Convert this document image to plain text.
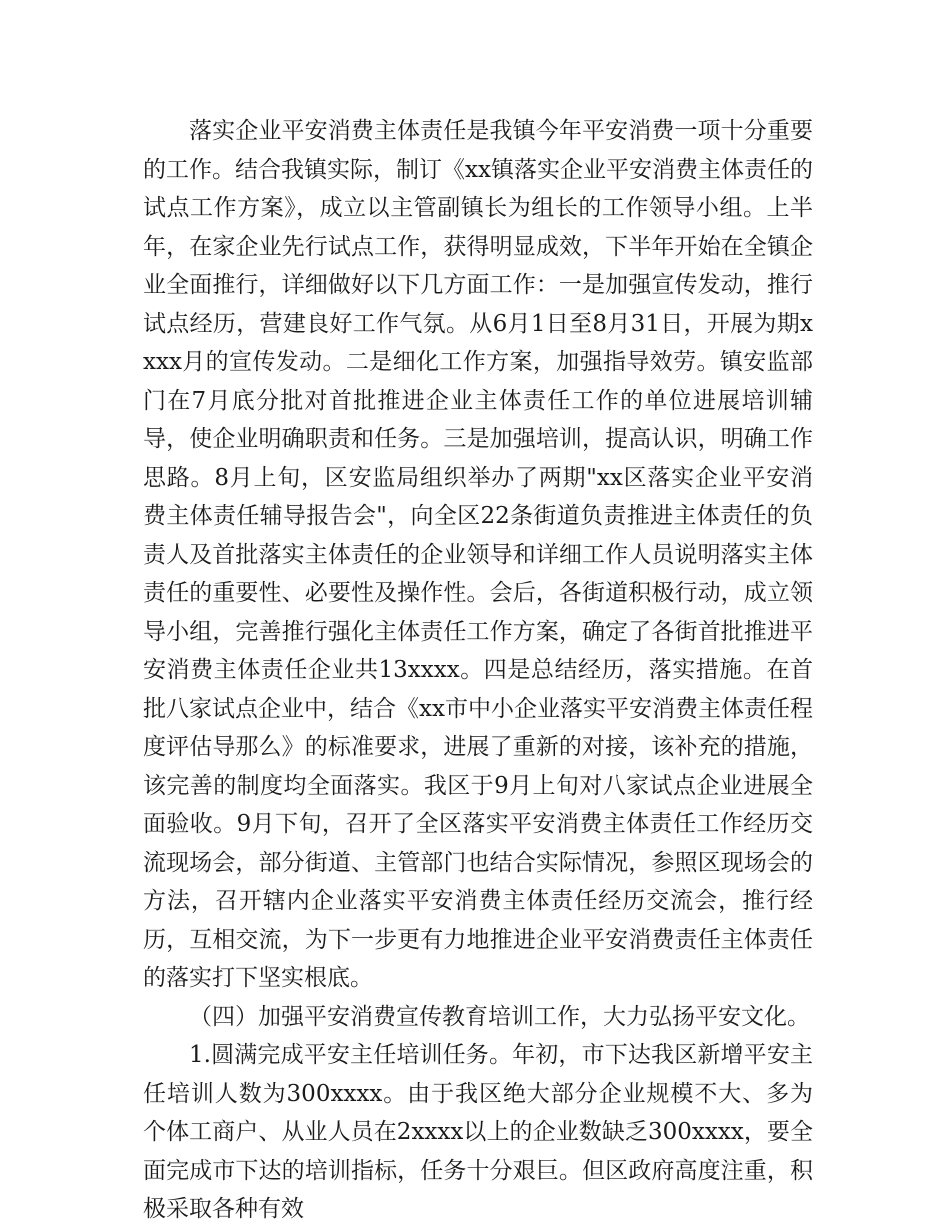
落实企业平安消费主体责任是我镇今年平安消费一项十分重要的工作。结合我镇实际，制订《xx镇落实企业平安消费主体责任的试点工作方案》，成立以主管副镇长为组长的工作领导小组。上半年，在家企业先行试点工作，获得明显成效，下半年开始在全镇企业全面推行，详细做好以下几方面工作：一是加强宣传发动，推行试点经历，营建良好工作气氛。从6月1日至8月31日，开展为期xxxx月的宣传发动。二是细化工作方案，加强指导效劳。镇安监部门在7月底分批对首批推进企业主体责任工作的单位进展培训辅导，使企业明确职责和任务。三是加强培训，提高认识，明确工作思路。8月上旬，区安监局组织举办了两期"xx区落实企业平安消费主体责任辅导报告会"，向全区22条街道负责推进主体责任的负责人及首批落实主体责任的企业领导和详细工作人员说明落实主体责任的重要性、必要性及操作性。会后，各街道积极行动，成立领导小组，完善推行强化主体责任工作方案，确定了各街首批推进平安消费主体责任企业共13xxxx。四是总结经历，落实措施。在首批八家试点企业中，结合《xx市中小企业落实平安消费主体责任程度评估导那么》的标准要求，进展了重新的对接，该补充的措施，该完善的制度均全面落实。我区于9月上旬对八家试点企业进展全面验收。9月下旬，召开了全区落实平安消费主体责任工作经历交流现场会，部分街道、主管部门也结合实际情况，参照区现场会的方法，召开辖内企业落实平安消费主体责任经历交流会，推行经历，互相交流，为下一步更有力地推进企业平安消费责任主体责任的落实打下坚实根底。

（四）加强平安消费宣传教育培训工作，大力弘扬平安文化。

1.圆满完成平安主任培训任务。年初，市下达我区新增平安主任培训人数为300xxxx。由于我区绝大部分企业规模不大、多为个体工商户、从业人员在2xxxx以上的企业数缺乏300xxxx，要全面完成市下达的培训指标，任务十分艰巨。但区政府高度注重，积极采取各种有效
